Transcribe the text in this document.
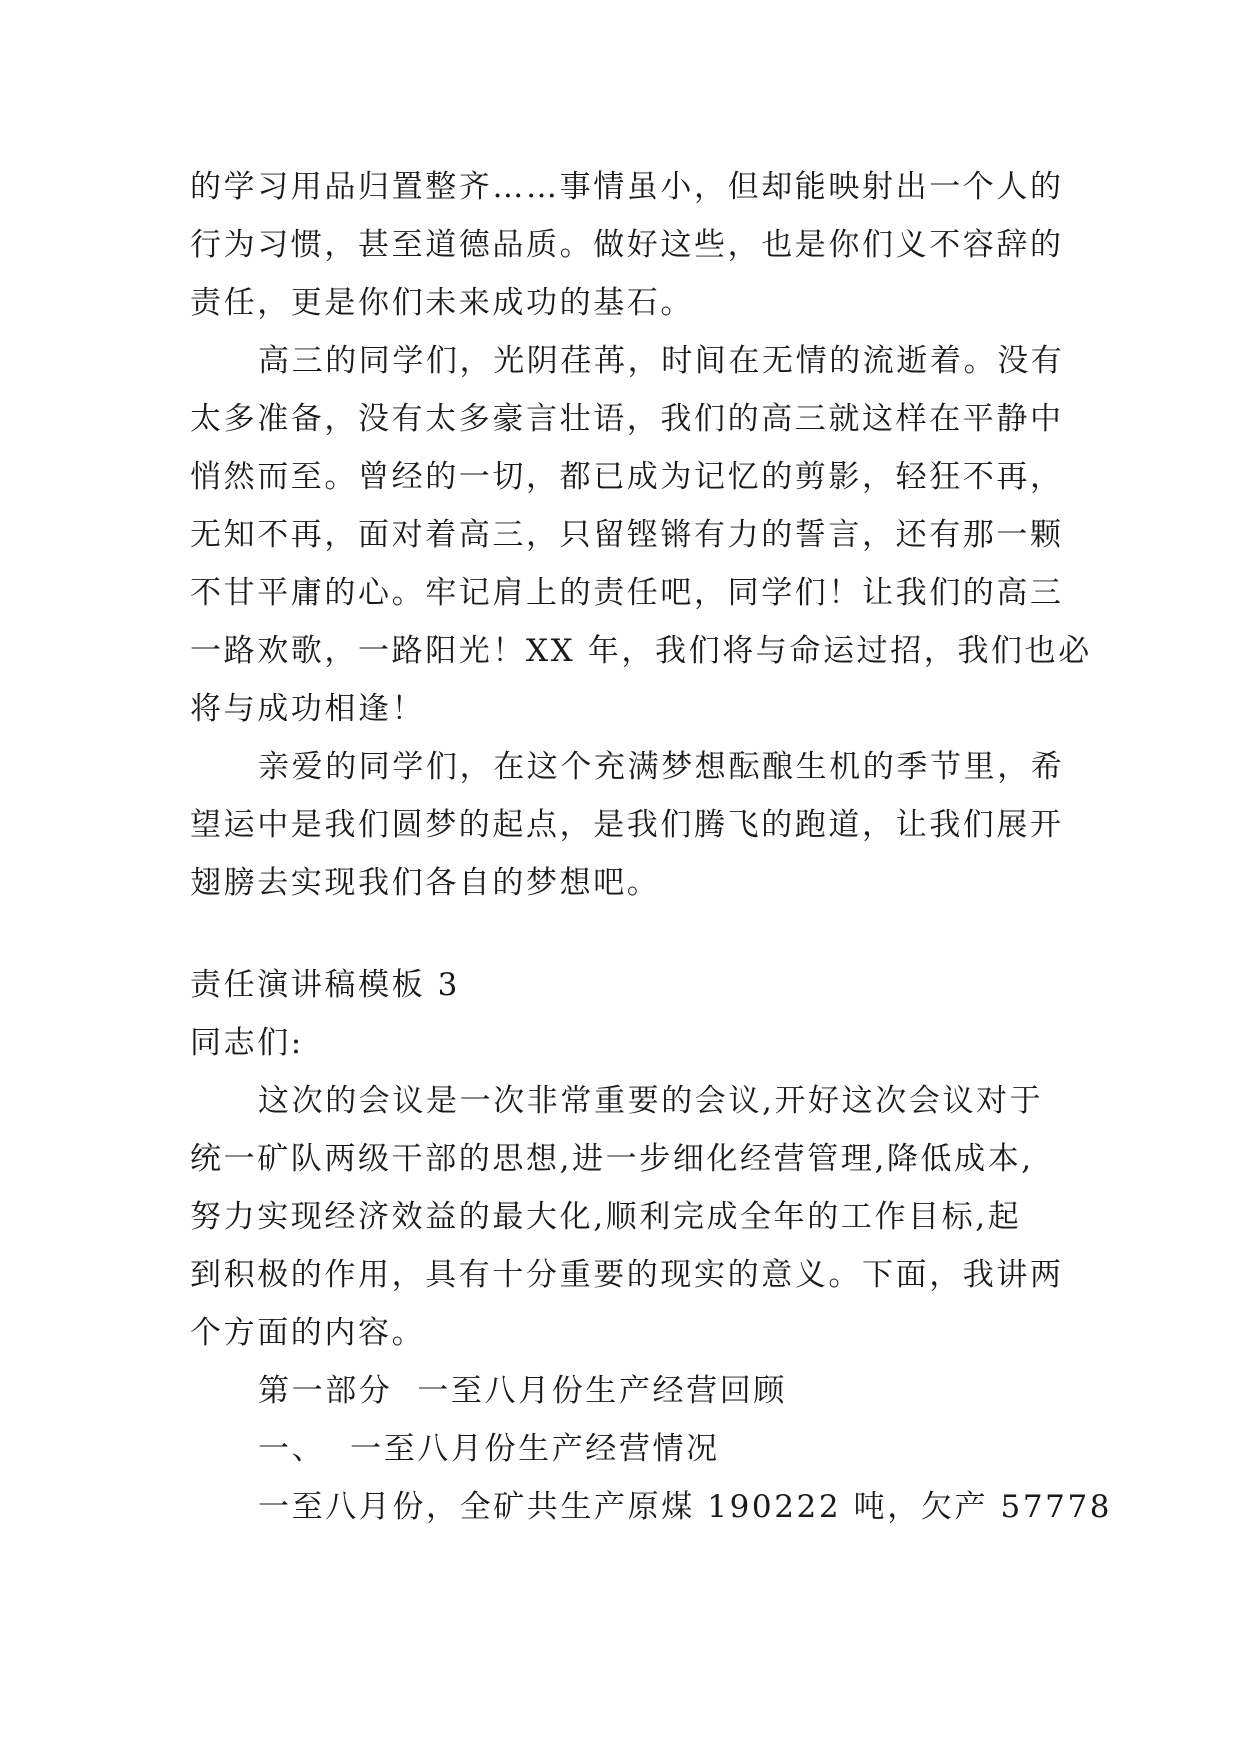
的学习用品归置整齐……事情虽小，但却能映射出一个人的
行为习惯，甚至道德品质。做好这些，也是你们义不容辞的
责任，更是你们未来成功的基石。
高三的同学们，光阴荏苒，时间在无情的流逝着。没有
太多准备，没有太多豪言壮语，我们的高三就这样在平静中
悄然而至。曾经的一切，都已成为记忆的剪影，轻狂不再，
无知不再，面对着高三，只留铿锵有力的誓言，还有那一颗
不甘平庸的心。牢记肩上的责任吧，同学们！让我们的高三
一路欢歌，一路阳光！XX 年，我们将与命运过招，我们也必
将与成功相逢！
亲爱的同学们，在这个充满梦想酝酿生机的季节里，希
望运中是我们圆梦的起点，是我们腾飞的跑道，让我们展开
翅膀去实现我们各自的梦想吧。
责任演讲稿模板 3
同志们:
这次的会议是一次非常重要的会议,开好这次会议对于
统一矿队两级干部的思想,进一步细化经营管理,降低成本,
努力实现经济效益的最大化,顺利完成全年的工作目标,起
到积极的作用，具有十分重要的现实的意义。下面，我讲两
个方面的内容。
第一部分  一至八月份生产经营回顾
一、  一至八月份生产经营情况
一至八月份，全矿共生产原煤 190222 吨，欠产 57778
